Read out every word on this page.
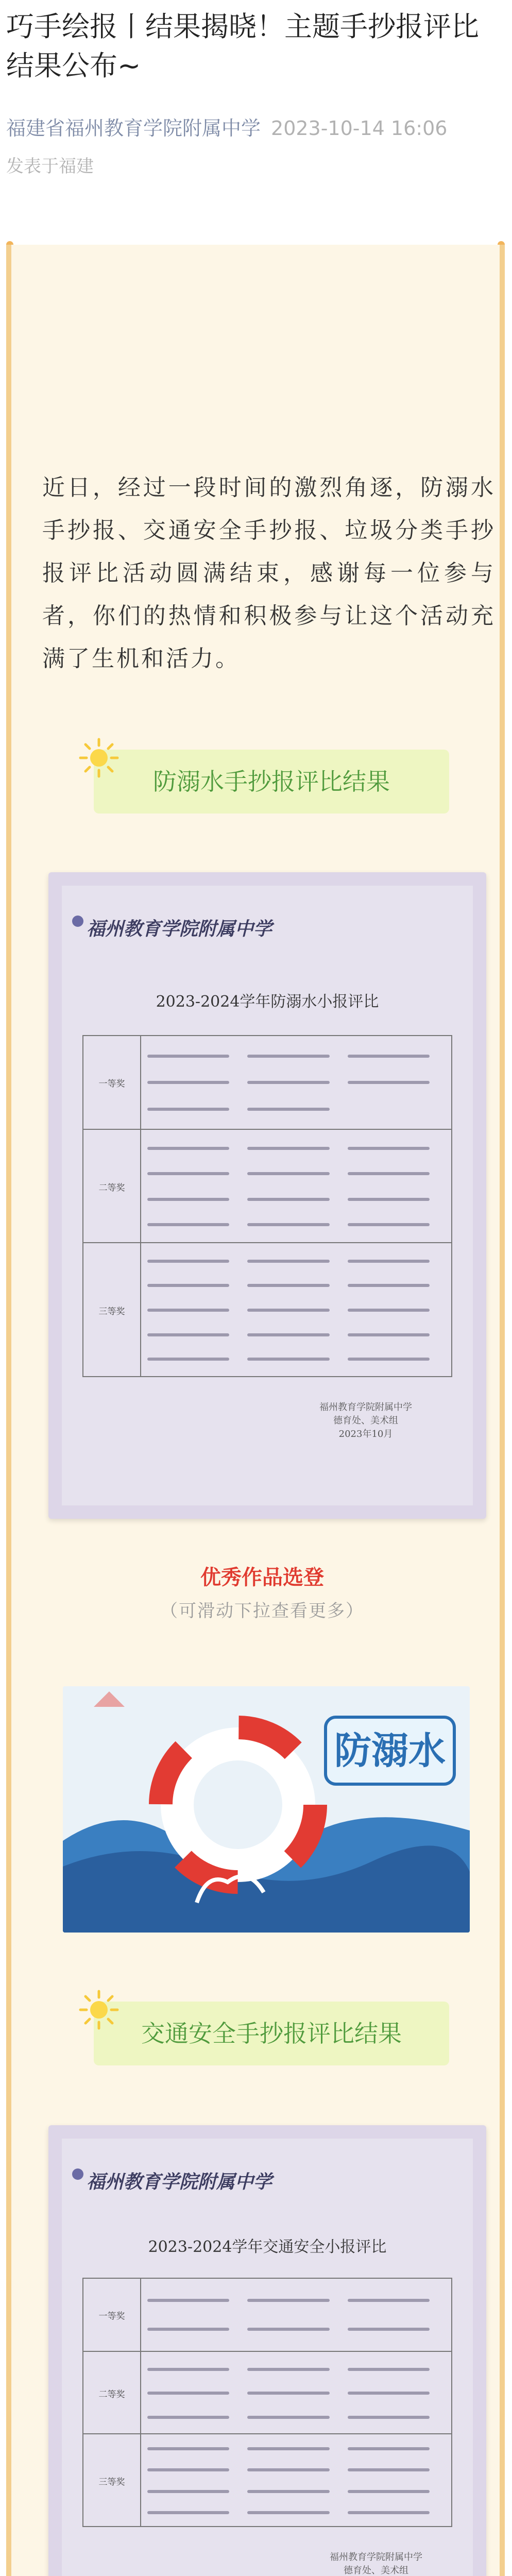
巧手绘报丨结果揭晓！主题手抄报评比结果公布~
福建省福州教育学院附属中学 2023-10-14 16:06
发表于福建
近日，经过一段时间的激烈角逐，防溺水手抄报、交通安全手抄报、垃圾分类手抄报评比活动圆满结束，感谢每一位参与者，你们的热情和积极参与让这个活动充满了生机和活力。
防溺水手抄报评比结果
福州教育学院附属中学
2023-2024学年防溺水小报评比
一等奖
二等奖
三等奖
福州教育学院附属中学
德育处、美术组
2023年10月
优秀作品选登
（可滑动下拉查看更多）
防溺水
交通安全手抄报评比结果
福州教育学院附属中学
2023-2024学年交通安全小报评比
一等奖
二等奖
三等奖
福州教育学院附属中学
德育处、美术组
